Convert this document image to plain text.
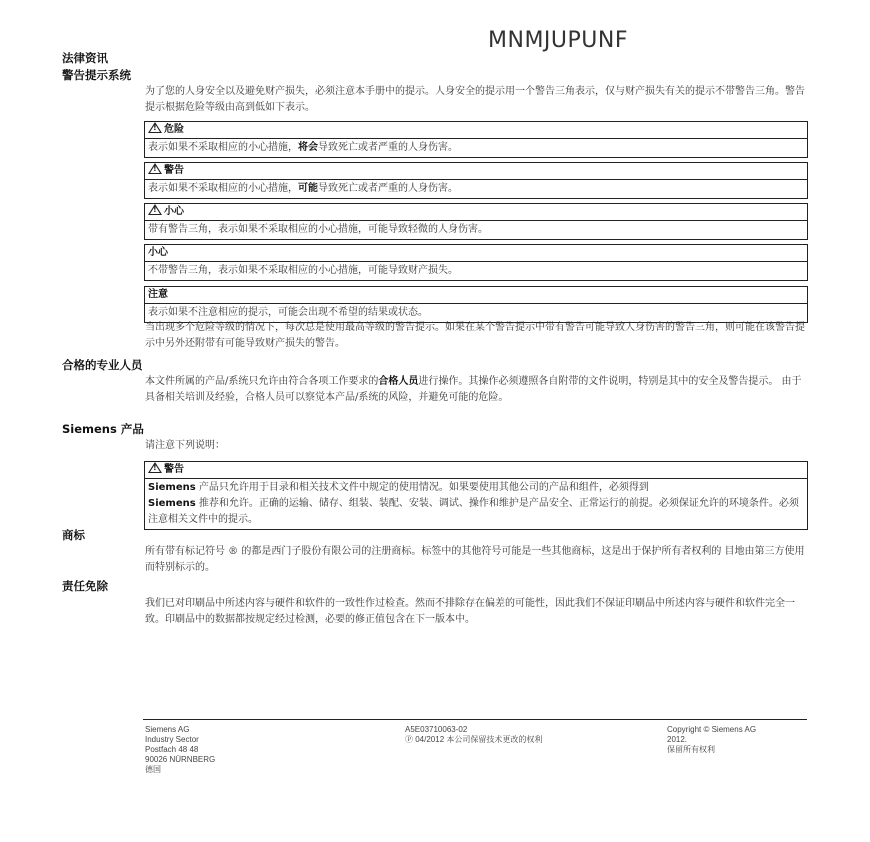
MNMJUPUNF
法律资讯
警告提示系统
为了您的人身安全以及避免财产损失，必须注意本手册中的提示。人身安全的提示用一个警告三角表示，仅与财产损失有关的提示不带警告三角。警告提示根据危险等级由高到低如下表示。
!危险
表示如果不采取相应的小心措施，将会导致死亡或者严重的人身伤害。
!警告
表示如果不采取相应的小心措施，可能导致死亡或者严重的人身伤害。
!小心
带有警告三角，表示如果不采取相应的小心措施，可能导致轻微的人身伤害。
小心
不带警告三角，表示如果不采取相应的小心措施，可能导致财产损失。
注意
表示如果不注意相应的提示，可能会出现不希望的结果或状态。
当出现多个危险等级的情况下，每次总是使用最高等级的警告提示。如果在某个警告提示中带有警告可能导致人身伤害的警告三角，则可能在该警告提示中另外还附带有可能导致财产损失的警告。
合格的专业人员
本文件所属的产品/系统只允许由符合各项工作要求的合格人员进行操作。其操作必须遵照各自附带的文件说明，特别是其中的安全及警告提示。 由于具备相关培训及经验，合格人员可以察觉本产品/系统的风险，并避免可能的危险。
Siemens 产品
请注意下列说明：
!警告
Siemens 产品只允许用于目录和相关技术文件中规定的使用情况。如果要使用其他公司的产品和组件，必须得到
Siemens 推荐和允许。正确的运输、储存、组装、装配、安装、调试、操作和维护是产品安全、正常运行的前提。必须保证允许的环境条件。必须注意相关文件中的提示。
商标
所有带有标记符号 ® 的都是西门子股份有限公司的注册商标。标签中的其他符号可能是一些其他商标，这是出于保护所有者权利的 目地由第三方使用而特别标示的。
责任免除
我们已对印刷品中所述内容与硬件和软件的一致性作过检查。然而不排除存在偏差的可能性，因此我们不保证印刷品中所述内容与硬件和软件完全一致。印刷品中的数据都按规定经过检测，必要的修正值包含在下一版本中。
Siemens AG
Industry Sector
Postfach 48 48
90026 NÜRNBERG
德国
A5E03710063-02
Ⓟ 04/2012 本公司保留技术更改的权利
Copyright © Siemens AG
2012.
保留所有权利
